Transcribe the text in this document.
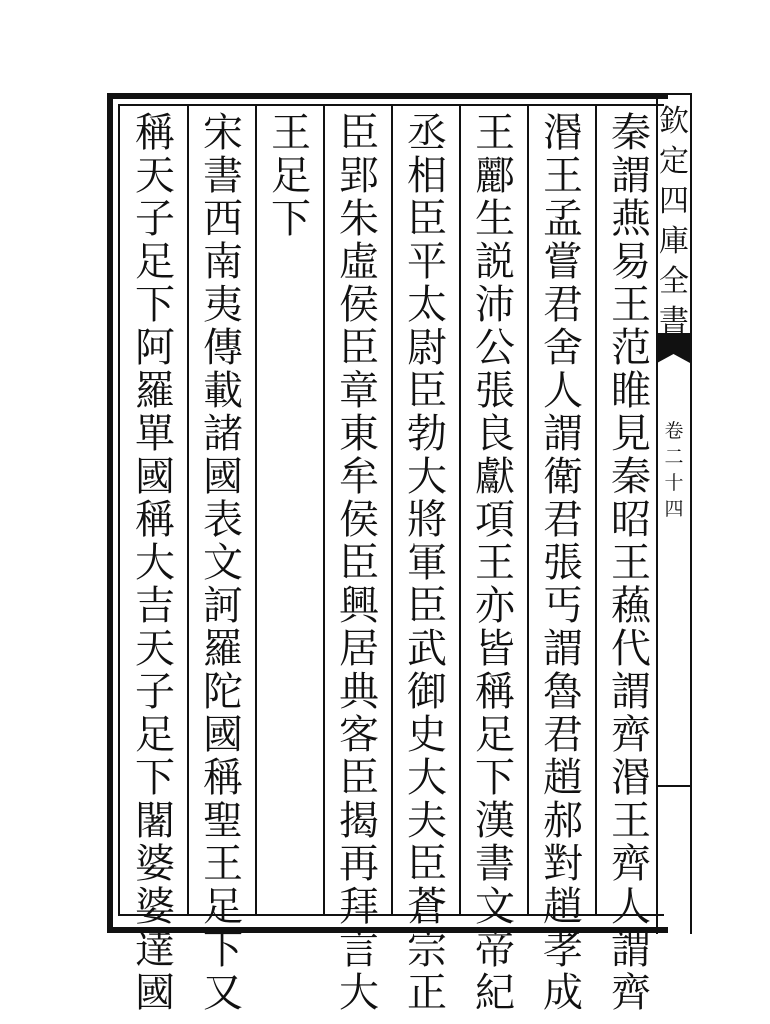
欽定四庫全書
卷二十四
秦謂燕易王范睢見秦昭王蘓代謂齊湣王齊人謂齊
湣王孟嘗君舍人謂衛君張丐謂魯君趙郝對趙孝成
王酈生説沛公張良獻項王亦皆稱足下漢書文帝紀
丞相臣平太尉臣勃大將軍臣武御史大夫臣蒼宗正
臣郢朱虛侯臣章東牟侯臣興居典客臣揭再拜言大
王足下
宋書西南夷傳載諸國表文訶羅陀國稱聖王足下又
稱天子足下阿羅單國稱大吉天子足下闍婆婆達國
